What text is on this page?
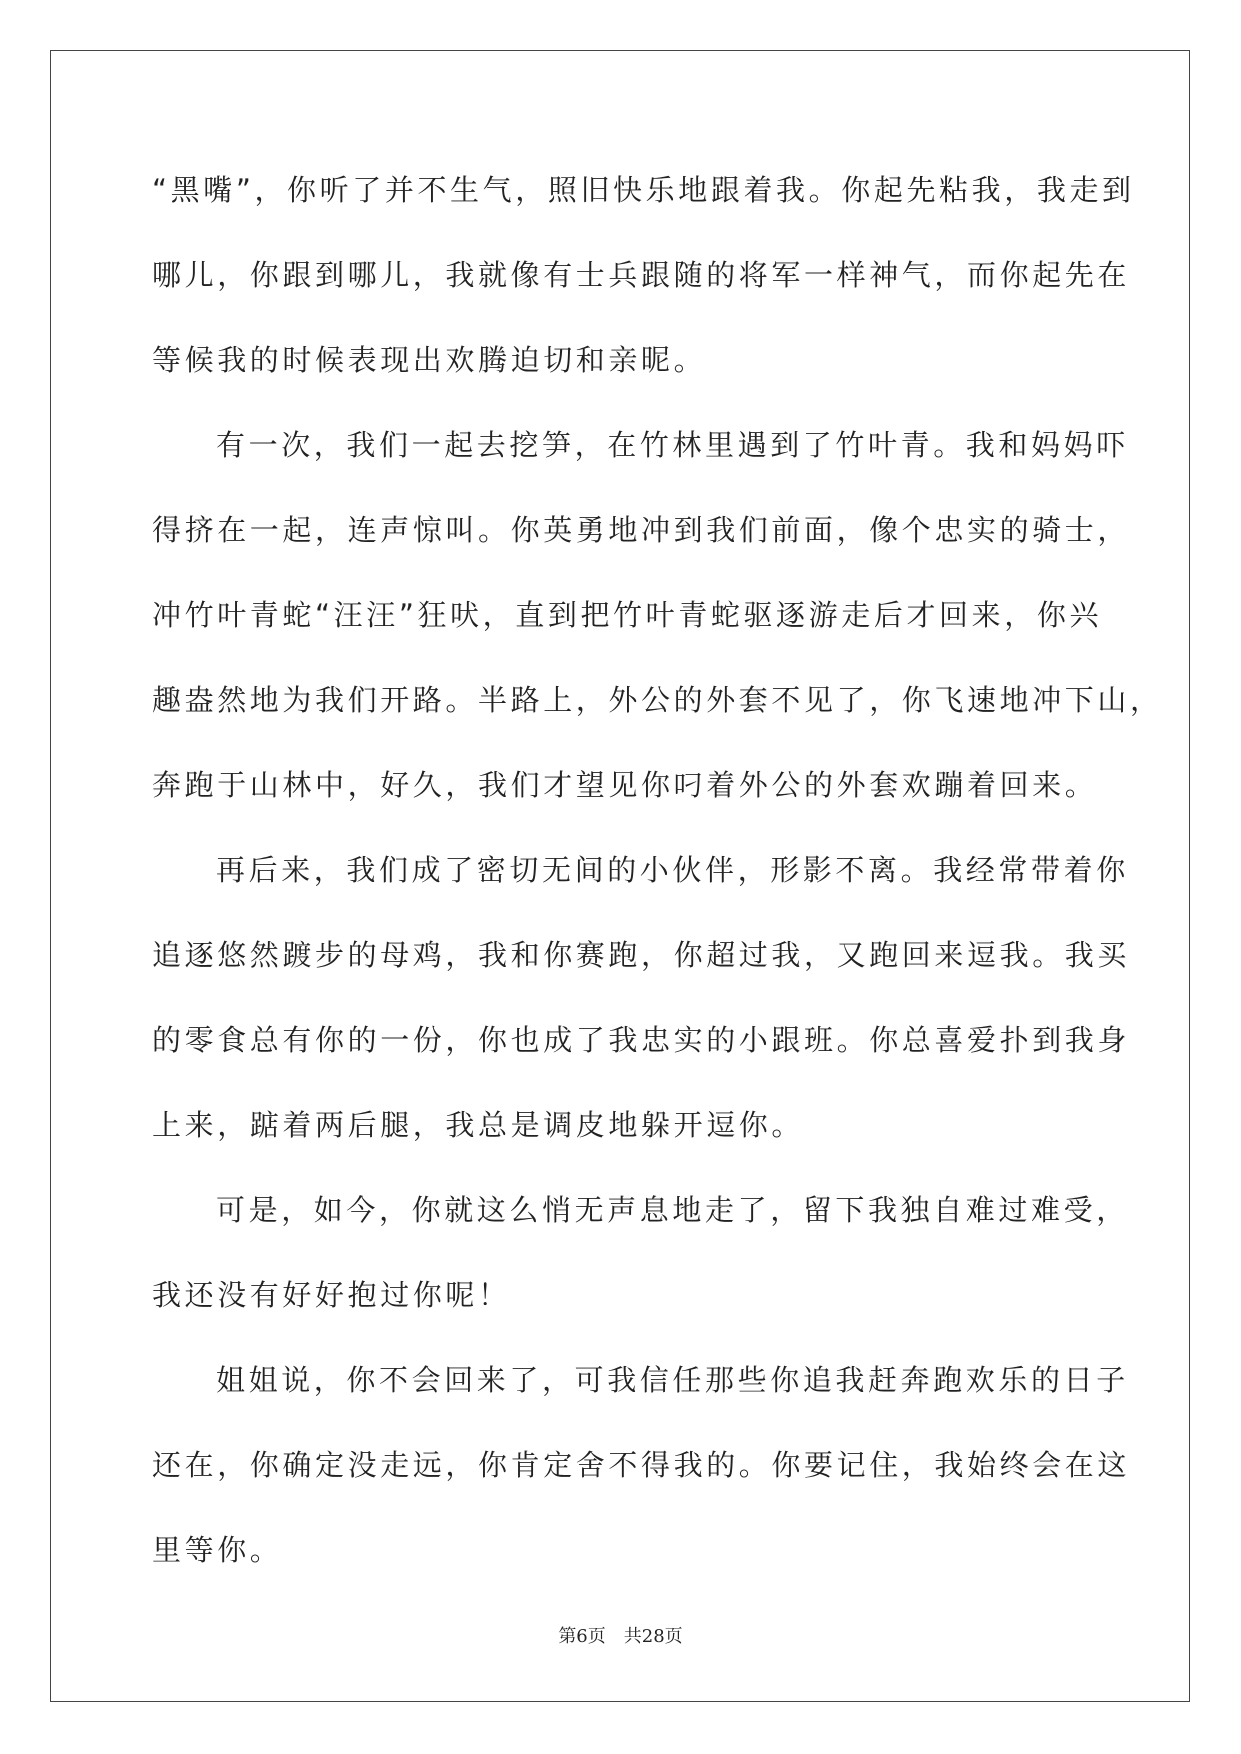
“黑嘴”，你听了并不生气，照旧快乐地跟着我。你起先粘我，我走到
哪儿，你跟到哪儿，我就像有士兵跟随的将军一样神气，而你起先在
等候我的时候表现出欢腾迫切和亲昵。
有一次，我们一起去挖笋，在竹林里遇到了竹叶青。我和妈妈吓
得挤在一起，连声惊叫。你英勇地冲到我们前面，像个忠实的骑士，
冲竹叶青蛇“汪汪”狂吠，直到把竹叶青蛇驱逐游走后才回来，你兴
趣盎然地为我们开路。半路上，外公的外套不见了，你飞速地冲下山，
奔跑于山林中，好久，我们才望见你叼着外公的外套欢蹦着回来。
再后来，我们成了密切无间的小伙伴，形影不离。我经常带着你
追逐悠然踱步的母鸡，我和你赛跑，你超过我，又跑回来逗我。我买
的零食总有你的一份，你也成了我忠实的小跟班。你总喜爱扑到我身
上来，踮着两后腿，我总是调皮地躲开逗你。
可是，如今，你就这么悄无声息地走了，留下我独自难过难受，
我还没有好好抱过你呢！
姐姐说，你不会回来了，可我信任那些你追我赶奔跑欢乐的日子
还在，你确定没走远，你肯定舍不得我的。你要记住，我始终会在这
里等你。
第6页 共28页
